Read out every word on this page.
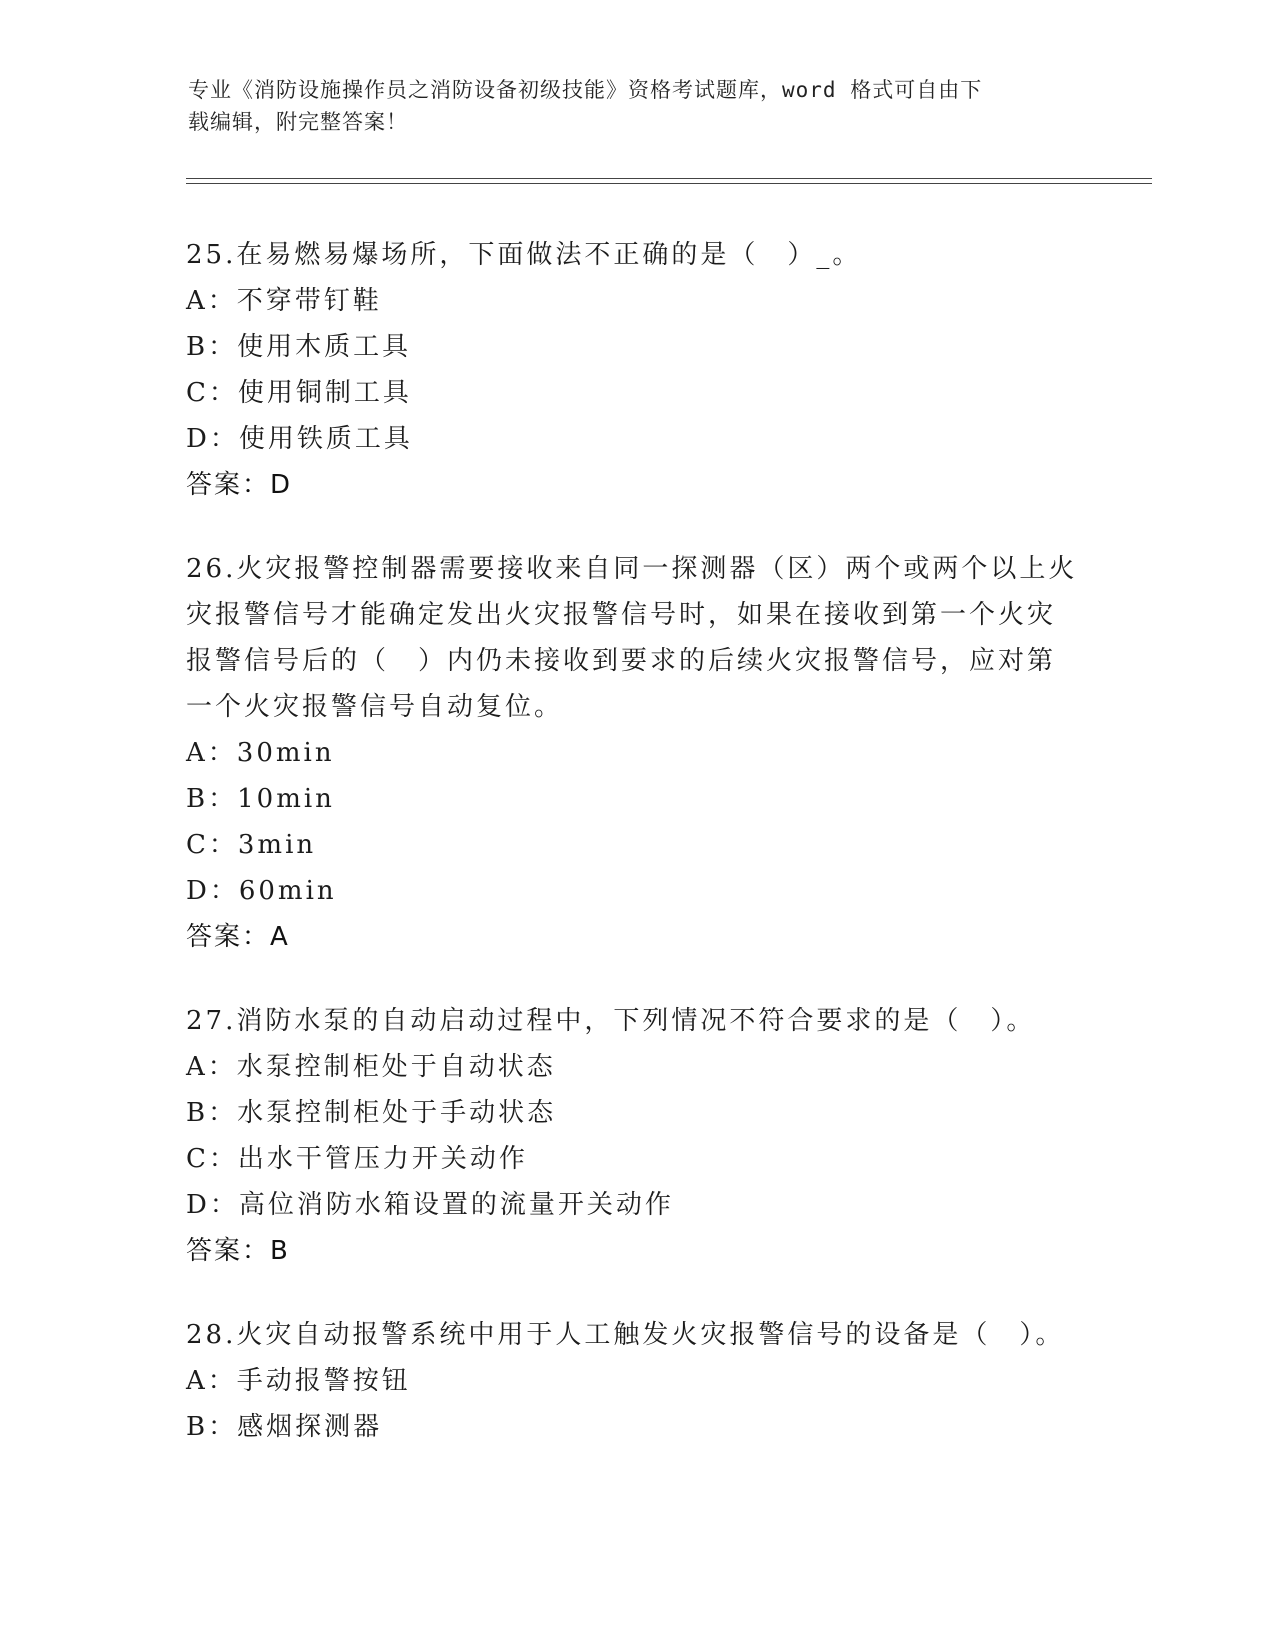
专业《消防设施操作员之消防设备初级技能》资格考试题库，word 格式可自由下
载编辑，附完整答案！

25.在易燃易爆场所，下面做法不正确的是（　）_。

A：不穿带钉鞋

B：使用木质工具

C：使用铜制工具

D：使用铁质工具

答案：D

26.火灾报警控制器需要接收来自同一探测器（区）两个或两个以上火

灾报警信号才能确定发出火灾报警信号时，如果在接收到第一个火灾

报警信号后的（　）内仍未接收到要求的后续火灾报警信号，应对第

一个火灾报警信号自动复位。

A：30min

B：10min

C：3min

D：60min

答案：A

27.消防水泵的自动启动过程中，下列情况不符合要求的是（　）。

A：水泵控制柜处于自动状态

B：水泵控制柜处于手动状态

C：出水干管压力开关动作

D：高位消防水箱设置的流量开关动作

答案：B

28.火灾自动报警系统中用于人工触发火灾报警信号的设备是（　）。

A：手动报警按钮

B：感烟探测器
